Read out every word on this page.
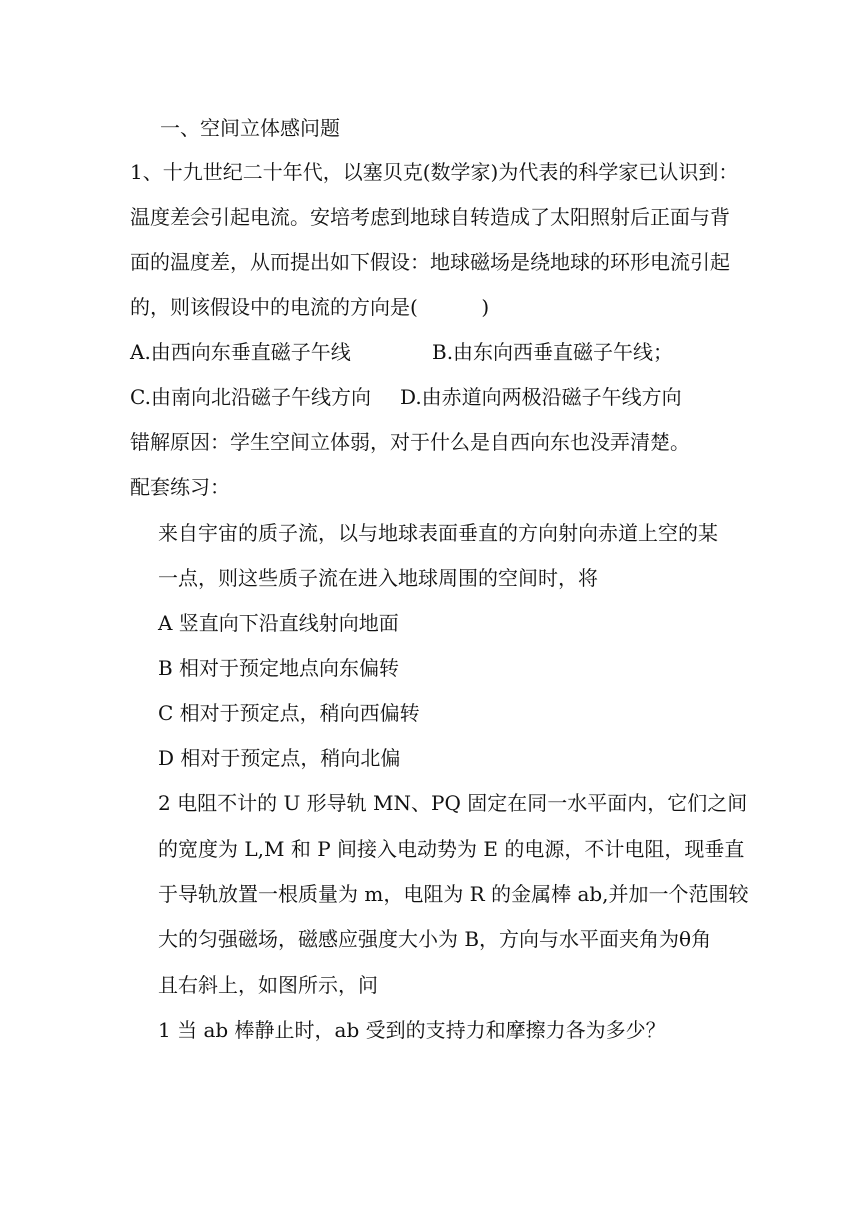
一、空间立体感问题
1、十九世纪二十年代，以塞贝克(数学家)为代表的科学家已认识到：
温度差会引起电流。安培考虑到地球自转造成了太阳照射后正面与背
面的温度差，从而提出如下假设：地球磁场是绕地球的环形电流引起
的，则该假设中的电流的方向是(          )
A.由西向东垂直磁子午线	B.由东向西垂直磁子午线；
C.由南向北沿磁子午线方向 D.由赤道向两极沿磁子午线方向
错解原因：学生空间立体弱，对于什么是自西向东也没弄清楚。
配套练习：
来自宇宙的质子流，以与地球表面垂直的方向射向赤道上空的某
一点，则这些质子流在进入地球周围的空间时，将
A 竖直向下沿直线射向地面
B 相对于预定地点向东偏转
C 相对于预定点，稍向西偏转
D 相对于预定点，稍向北偏
2 电阻不计的 U 形导轨 MN、PQ 固定在同一水平面内，它们之间
的宽度为 L,M 和 P 间接入电动势为 E 的电源，不计电阻，现垂直
于导轨放置一根质量为 m，电阻为 R 的金属棒 ab,并加一个范围较
大的匀强磁场，磁感应强度大小为 B，方向与水平面夹角为θ角
且右斜上，如图所示，问
1 当 ab 棒静止时，ab 受到的支持力和摩擦力各为多少？
